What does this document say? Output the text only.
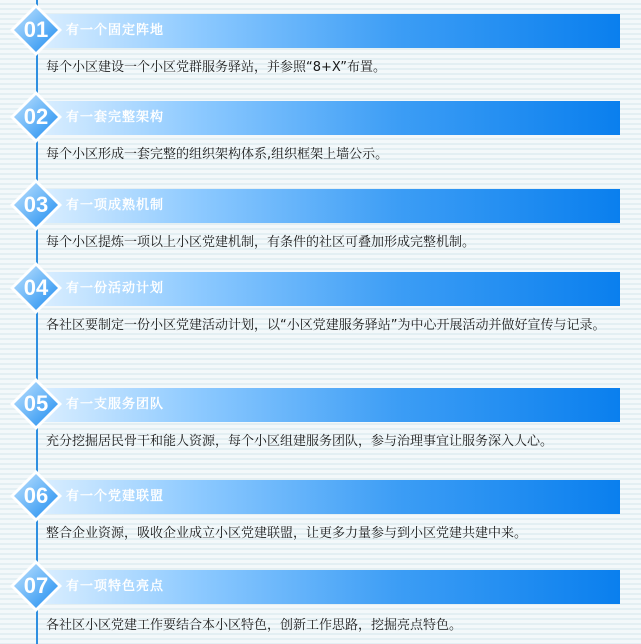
01	有一个固定阵地
每个小区建设一个小区党群服务驿站，并参照“8+X”布置。
02	有一套完整架构
每个小区形成一套完整的组织架构体系,组织框架上墙公示。
03	有一项成熟机制
每个小区提炼一项以上小区党建机制，有条件的社区可叠加形成完整机制。
04	有一份活动计划
各社区要制定一份小区党建活动计划，以“小区党建服务驿站”为中心开展活动并做好宣传与记录。
05	有一支服务团队
充分挖掘居民骨干和能人资源，每个小区组建服务团队，参与治理事宜让服务深入人心。
06	有一个党建联盟
整合企业资源，吸收企业成立小区党建联盟，让更多力量参与到小区党建共建中来。
07	有一项特色亮点
各社区小区党建工作要结合本小区特色，创新工作思路，挖掘亮点特色。
